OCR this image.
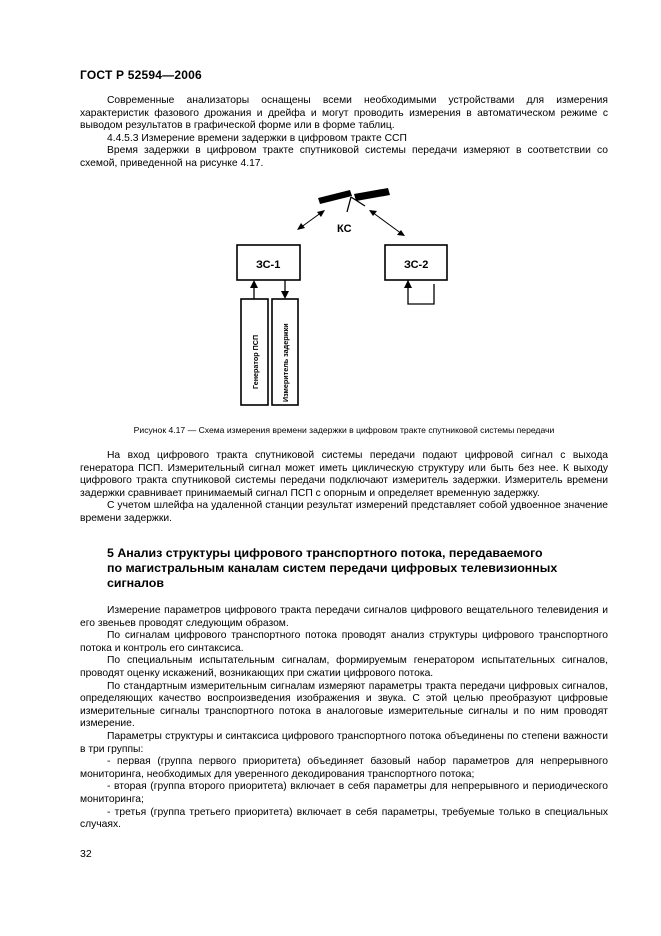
ГОСТ Р 52594—2006

Современные анализаторы оснащены всеми необходимыми устройствами для измерения характеристик фазового дрожания и дрейфа и могут проводить измерения в автоматическом режиме с выводом результатов в графической форме или в форме таблиц.

4.4.5.3 Измерение времени задержки в цифровом тракте ССП

Время задержки в цифровом тракте спутниковой системы передачи измеряют в соответствии со схемой, приведенной на рисунке 4.17.

КС
ЗС-1	ЗС-2
Генератор ПСП	Измеритель задержки
Рисунок 4.17 — Схема измерения времени задержки в цифровом тракте спутниковой системы передачи

На вход цифрового тракта спутниковой системы передачи подают цифровой сигнал с выхода генератора ПСП. Измерительный сигнал может иметь циклическую структуру или быть без нее. К выходу цифрового тракта спутниковой системы передачи подключают измеритель задержки. Измеритель времени задержки сравнивает принимаемый сигнал ПСП с опорным и определяет временную задержку.

С учетом шлейфа на удаленной станции результат измерений представляет собой удвоенное значение времени задержки.

5 Анализ структуры цифрового транспортного потока, передаваемого
по магистральным каналам систем передачи цифровых телевизионных
сигналов

Измерение параметров цифрового тракта передачи сигналов цифрового вещательного телевидения и его звеньев проводят следующим образом.

По сигналам цифрового транспортного потока проводят анализ структуры цифрового транспортного потока и контроль его синтаксиса.

По специальным испытательным сигналам, формируемым генератором испытательных сигналов, проводят оценку искажений, возникающих при сжатии цифрового потока.

По стандартным измерительным сигналам измеряют параметры тракта передачи цифровых сигналов, определяющих качество воспроизведения изображения и звука. С этой целью преобразуют цифровые измерительные сигналы транспортного потока в аналоговые измерительные сигналы и по ним проводят измерение.

Параметры структуры и синтаксиса цифрового транспортного потока объединены по степени важности в три группы:

- первая (группа первого приоритета) объединяет базовый набор параметров для непрерывного мониторинга, необходимых для уверенного декодирования транспортного потока;

- вторая (группа второго приоритета) включает в себя параметры для непрерывного и периодического мониторинга;

- третья (группа третьего приоритета) включает в себя параметры, требуемые только в специальных случаях.

32
